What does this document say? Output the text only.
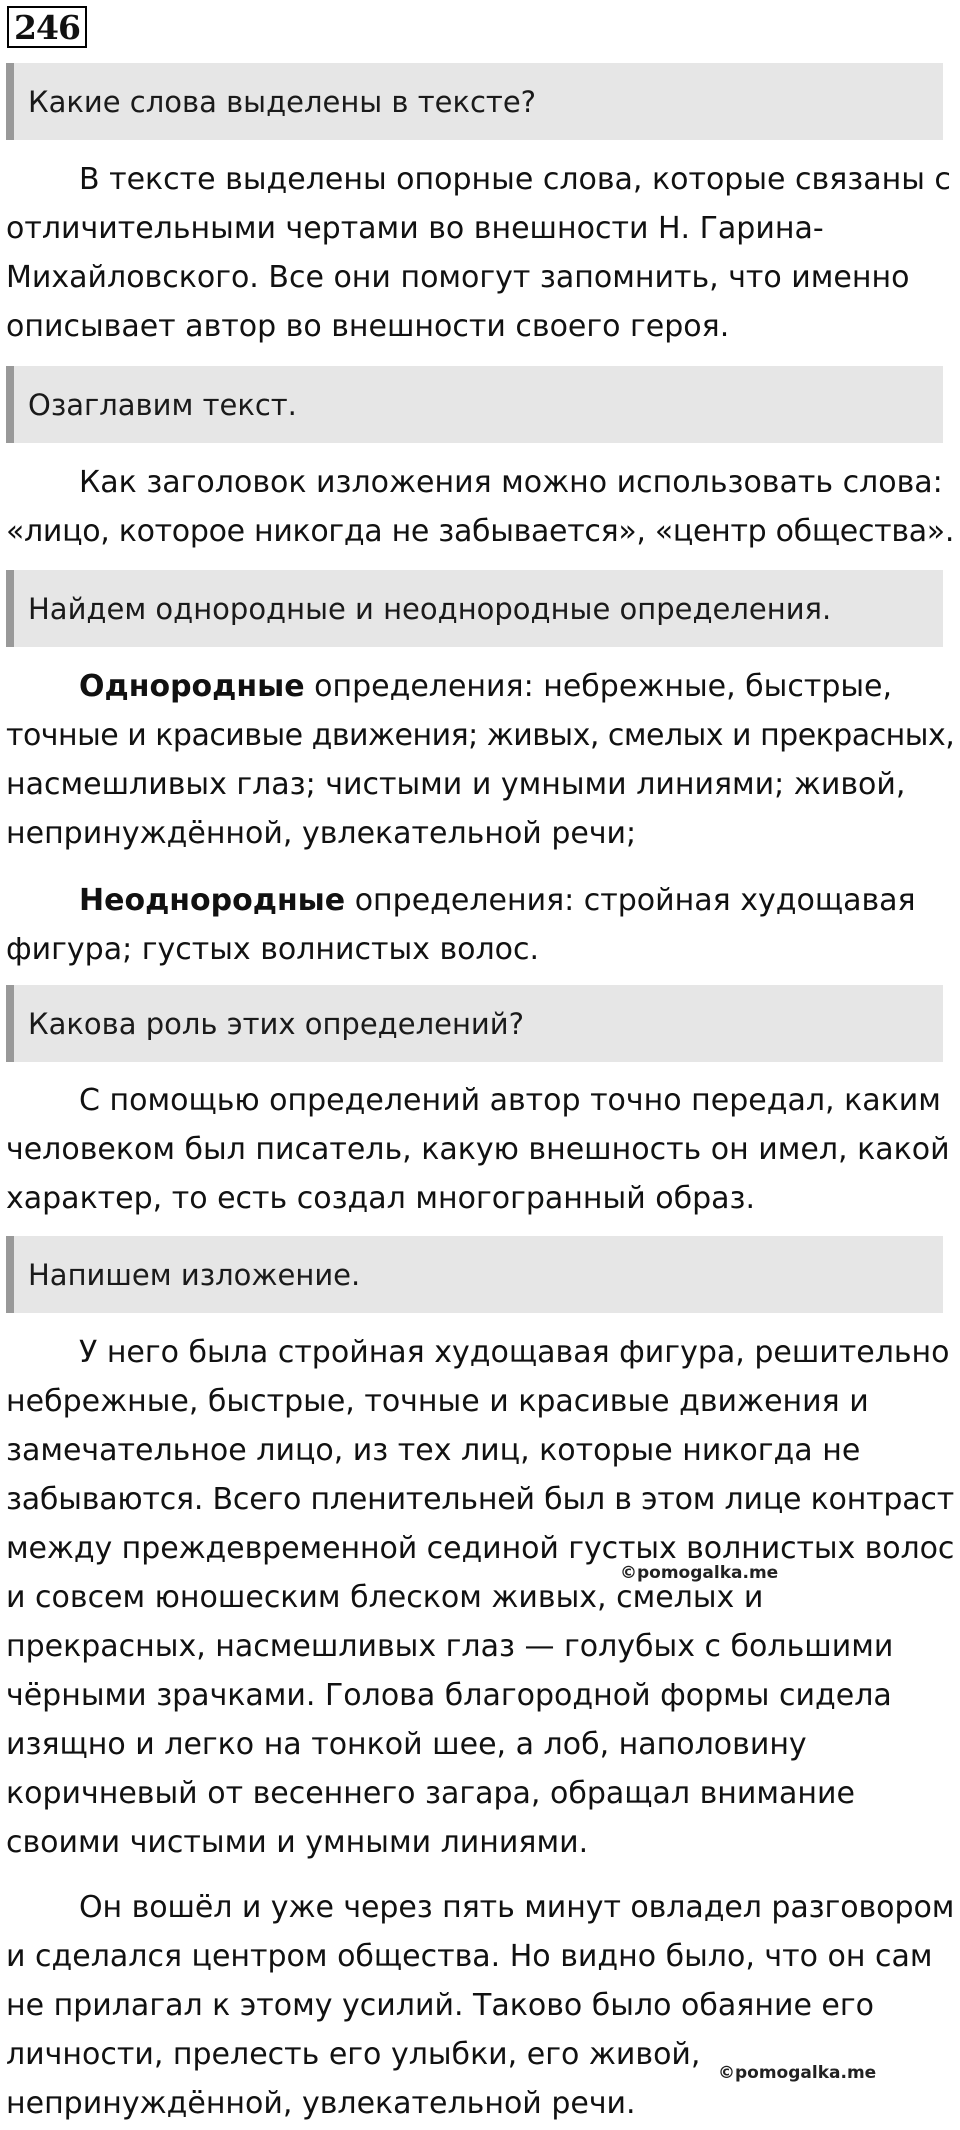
246
Какие слова выделены в тексте?
В тексте выделены опорные слова, которые связаны с
отличительными чертами во внешности Н. Гарина-
Михайловского. Все они помогут запомнить, что именно
описывает автор во внешности своего героя.
Озаглавим текст.
Как заголовок изложения можно использовать слова:
«лицо, которое никогда не забывается», «центр общества».
Найдем однородные и неоднородные определения.
Однородные определения: небрежные, быстрые,
точные и красивые движения; живых, смелых и прекрасных,
насмешливых глаз; чистыми и умными линиями; живой,
непринуждённой, увлекательной речи;
Неоднородные определения: стройная худощавая
фигура; густых волнистых волос.
Какова роль этих определений?
С помощью определений автор точно передал, каким
человеком был писатель, какую внешность он имел, какой
характер, то есть создал многогранный образ.
Напишем изложение.
У него была стройная худощавая фигура, решительно
небрежные, быстрые, точные и красивые движения и
замечательное лицо, из тех лиц, которые никогда не
забываются. Всего пленительней был в этом лице контраст
между преждевременной сединой густых волнистых волос
и совсем юношеским блеском живых, смелых и
прекрасных, насмешливых глаз — голубых с большими
чёрными зрачками. Голова благородной формы сидела
изящно и легко на тонкой шее, а лоб, наполовину
коричневый от весеннего загара, обращал внимание
своими чистыми и умными линиями.
Он вошёл и уже через пять минут овладел разговором
и сделался центром общества. Но видно было, что он сам
не прилагал к этому усилий. Таково было обаяние его
личности, прелесть его улыбки, его живой,
непринуждённой, увлекательной речи.
©pomogalka.me
©pomogalka.me
